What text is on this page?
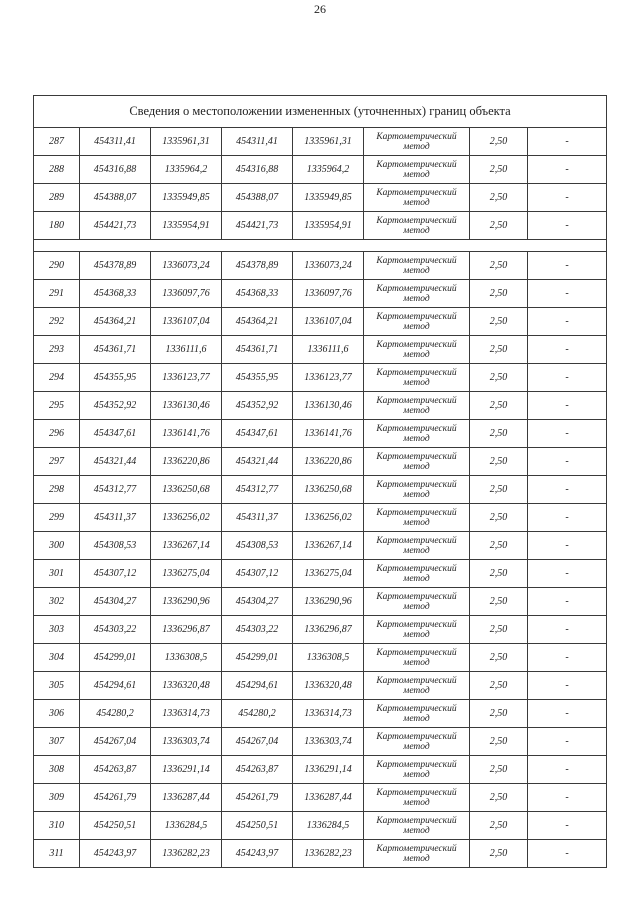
26
Сведения о местоположении измененных (уточненных) границ объекта							
287	454311,41	1335961,31	454311,41	1335961,31	Картометрический метод	2,50	-
288	454316,88	1335964,2	454316,88	1335964,2	Картометрический метод	2,50	-
289	454388,07	1335949,85	454388,07	1335949,85	Картометрический метод	2,50	-
180	454421,73	1335954,91	454421,73	1335954,91	Картометрический метод	2,50	-

290	454378,89	1336073,24	454378,89	1336073,24	Картометрический метод	2,50	-
291	454368,33	1336097,76	454368,33	1336097,76	Картометрический метод	2,50	-
292	454364,21	1336107,04	454364,21	1336107,04	Картометрический метод	2,50	-
293	454361,71	1336111,6	454361,71	1336111,6	Картометрический метод	2,50	-
294	454355,95	1336123,77	454355,95	1336123,77	Картометрический метод	2,50	-
295	454352,92	1336130,46	454352,92	1336130,46	Картометрический метод	2,50	-
296	454347,61	1336141,76	454347,61	1336141,76	Картометрический метод	2,50	-
297	454321,44	1336220,86	454321,44	1336220,86	Картометрический метод	2,50	-
298	454312,77	1336250,68	454312,77	1336250,68	Картометрический метод	2,50	-
299	454311,37	1336256,02	454311,37	1336256,02	Картометрический метод	2,50	-
300	454308,53	1336267,14	454308,53	1336267,14	Картометрический метод	2,50	-
301	454307,12	1336275,04	454307,12	1336275,04	Картометрический метод	2,50	-
302	454304,27	1336290,96	454304,27	1336290,96	Картометрический метод	2,50	-
303	454303,22	1336296,87	454303,22	1336296,87	Картометрический метод	2,50	-
304	454299,01	1336308,5	454299,01	1336308,5	Картометрический метод	2,50	-
305	454294,61	1336320,48	454294,61	1336320,48	Картометрический метод	2,50	-
306	454280,2	1336314,73	454280,2	1336314,73	Картометрический метод	2,50	-
307	454267,04	1336303,74	454267,04	1336303,74	Картометрический метод	2,50	-
308	454263,87	1336291,14	454263,87	1336291,14	Картометрический метод	2,50	-
309	454261,79	1336287,44	454261,79	1336287,44	Картометрический метод	2,50	-
310	454250,51	1336284,5	454250,51	1336284,5	Картометрический метод	2,50	-
311	454243,97	1336282,23	454243,97	1336282,23	Картометрический метод	2,50	-
